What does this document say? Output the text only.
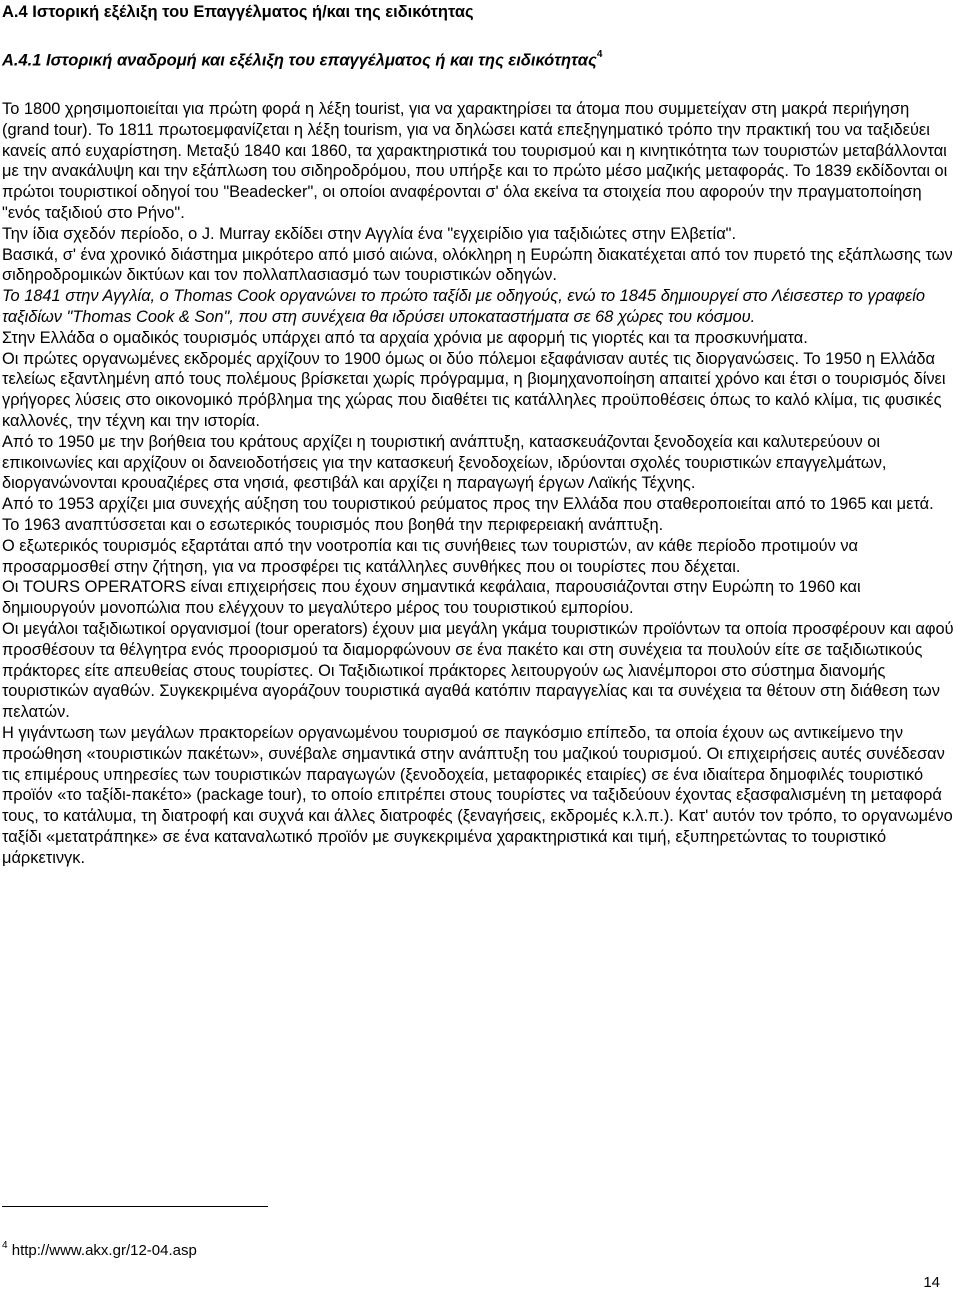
Α.4 Ιστορική εξέλιξη του Επαγγέλματος ή/και της ειδικότητας
Α.4.1 Ιστορική αναδρομή και εξέλιξη του επαγγέλματος ή και της ειδικότητας$^4$

Το 1800 χρησιμοποιείται για πρώτη φορά η λέξη tourist, για να χαρακτηρίσει τα άτομα που συμμετείχαν στη μακρά περιήγηση (grand tour). Το 1811 πρωτοεμφανίζεται η λέξη tourism, για να δηλώσει κατά επεξηγηματικό τρόπο την πρακτική του να ταξιδεύει κανείς από ευχαρίστηση. Μεταξύ 1840 και 1860, τα χαρακτηριστικά του τουρισμού και η κινητικότητα των τουριστών μεταβάλλονται με την ανακάλυψη και την εξάπλωση του σιδηροδρόμου, που υπήρξε και το πρώτο μέσο μαζικής μεταφοράς. Το 1839 εκδίδονται οι πρώτοι τουριστικοί οδηγοί του "Beadecker", οι οποίοι αναφέρονται σ' όλα εκείνα τα στοιχεία που αφορούν την πραγματοποίηση "ενός ταξιδιού στο Ρήνο".

Την ίδια σχεδόν περίοδο, ο J. Murray εκδίδει στην Αγγλία ένα "εγχειρίδιο για ταξιδιώτες στην Ελβετία".

Βασικά, σ' ένα χρονικό διάστημα μικρότερο από μισό αιώνα, ολόκληρη η Ευρώπη διακατέχεται από τον πυρετό της εξάπλωσης των σιδηροδρομικών δικτύων και τον πολλαπλασιασμό των τουριστικών οδηγών.

Το 1841 στην Αγγλία, ο Thomas Cook οργανώνει το πρώτο ταξίδι με οδηγούς, ενώ το 1845 δημιουργεί στο Λέισεστερ το γραφείο ταξιδίων "Thomas Cook & Son", που στη συνέχεια θα ιδρύσει υποκαταστήματα σε 68 χώρες του κόσμου.

Στην Ελλάδα ο ομαδικός τουρισμός υπάρχει από τα αρχαία χρόνια με αφορμή τις γιορτές και τα προσκυνήματα.

Οι πρώτες οργανωμένες εκδρομές αρχίζουν το 1900 όμως οι δύο πόλεμοι εξαφάνισαν αυτές τις διοργανώσεις. Το 1950 η Ελλάδα τελείως εξαντλημένη από τους πολέμους βρίσκεται χωρίς πρόγραμμα, η βιομηχανοποίηση απαιτεί χρόνο και έτσι ο τουρισμός δίνει γρήγορες λύσεις στο οικονομικό πρόβλημα της χώρας που διαθέτει τις κατάλληλες προϋποθέσεις όπως το καλό κλίμα, τις φυσικές καλλονές, την τέχνη και την ιστορία.

Από το 1950 με την βοήθεια του κράτους αρχίζει η τουριστική ανάπτυξη, κατασκευάζονται ξενοδοχεία και καλυτερεύουν οι επικοινωνίες και αρχίζουν οι δανειοδοτήσεις για την κατασκευή ξενοδοχείων, ιδρύονται σχολές τουριστικών επαγγελμάτων, διοργανώνονται κρουαζιέρες στα νησιά, φεστιβάλ και αρχίζει η παραγωγή έργων Λαϊκής Τέχνης.

Από το 1953 αρχίζει μια συνεχής αύξηση του τουριστικού ρεύματος προς την Ελλάδα που σταθεροποιείται από το 1965 και μετά.

Το 1963 αναπτύσσεται και ο εσωτερικός τουρισμός που βοηθά την περιφερειακή ανάπτυξη.

Ο εξωτερικός τουρισμός εξαρτάται από την νοοτροπία και τις συνήθειες των τουριστών, αν κάθε περίοδο προτιμούν να προσαρμοσθεί στην ζήτηση, για να προσφέρει τις κατάλληλες συνθήκες που οι τουρίστες που δέχεται.

Οι TOURS OPERATORS είναι επιχειρήσεις που έχουν σημαντικά κεφάλαια, παρουσιάζονται στην Ευρώπη το 1960 και δημιουργούν μονοπώλια που ελέγχουν το μεγαλύτερο μέρος του τουριστικού εμπορίου.

Οι μεγάλοι ταξιδιωτικοί οργανισμοί (tour operators) έχουν μια μεγάλη γκάμα τουριστικών προϊόντων τα οποία προσφέρουν και αφού προσθέσουν τα θέλγητρα ενός προορισμού τα διαμορφώνουν σε ένα πακέτο και στη συνέχεια τα πουλούν είτε σε ταξιδιωτικούς πράκτορες είτε απευθείας στους τουρίστες. Οι Ταξιδιωτικοί πράκτορες λειτουργούν ως λιανέμποροι στο σύστημα διανομής τουριστικών αγαθών. Συγκεκριμένα αγοράζουν τουριστικά αγαθά κατόπιν παραγγελίας και τα συνέχεια τα θέτουν στη διάθεση των πελατών.

Η γιγάντωση των μεγάλων πρακτορείων οργανωμένου τουρισμού σε παγκόσμιο επίπεδο, τα οποία έχουν ως αντικείμενο την προώθηση «τουριστικών πακέτων», συνέβαλε σημαντικά στην ανάπτυξη του μαζικού τουρισμού. Οι επιχειρήσεις αυτές συνέδεσαν τις επιμέρους υπηρεσίες των τουριστικών παραγωγών (ξενοδοχεία, μεταφορικές εταιρίες) σε ένα ιδιαίτερα δημοφιλές τουριστικό προϊόν «το ταξίδι-πακέτο» (package tour), το οποίο επιτρέπει στους τουρίστες να ταξιδεύουν έχοντας εξασφαλισμένη τη μεταφορά τους, το κατάλυμα, τη διατροφή και συχνά και άλλες διατροφές (ξεναγήσεις, εκδρομές κ.λ.π.). Κατ' αυτόν τον τρόπο, το οργανωμένο ταξίδι «μετατράπηκε» σε ένα καταναλωτικό προϊόν με συγκεκριμένα χαρακτηριστικά και τιμή, εξυπηρετώντας το τουριστικό μάρκετινγκ.

$^4$ http://www.akx.gr/12-04.asp
14
